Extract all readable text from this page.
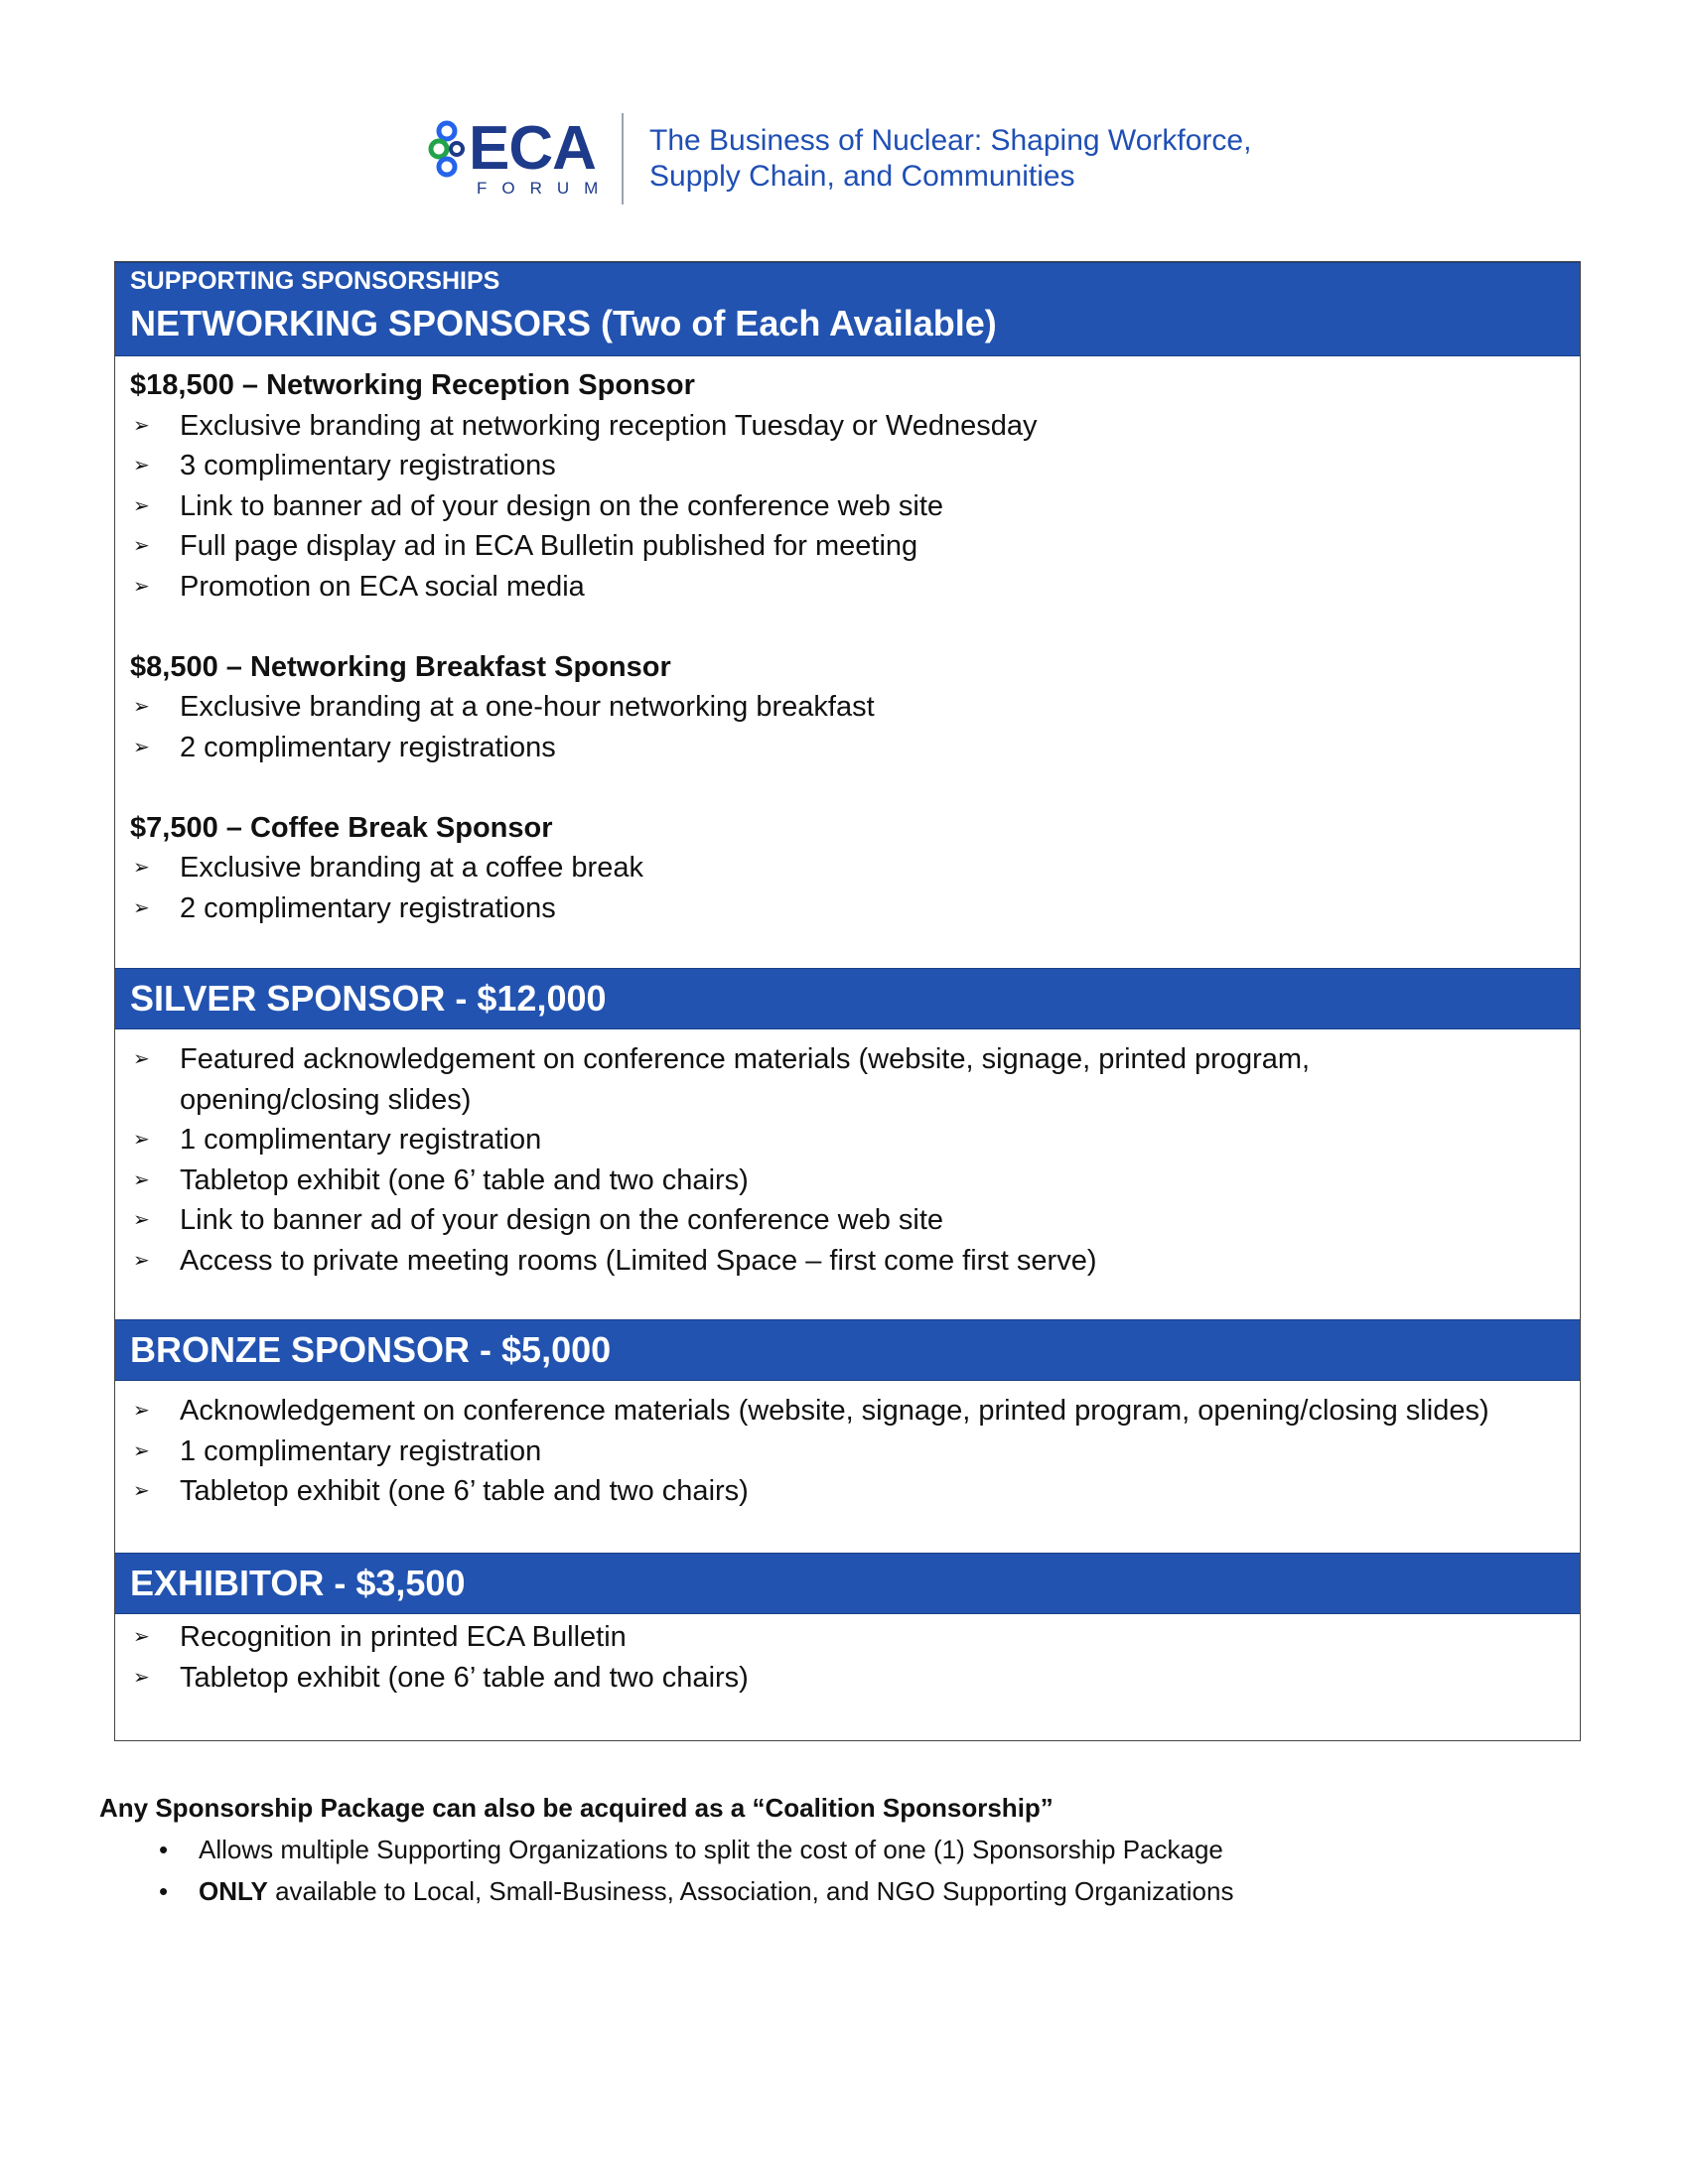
ECA
FORUM
The Business of Nuclear: Shaping Workforce,
Supply Chain, and Communities
SUPPORTING SPONSORSHIPS
NETWORKING SPONSORS (Two of Each Available)
$18,500 – Networking Reception Sponsor
➢	Exclusive branding at networking reception Tuesday or Wednesday
➢	3 complimentary registrations
➢	Link to banner ad of your design on the conference web site
➢	Full page display ad in ECA Bulletin published for meeting
➢	Promotion on ECA social media
$8,500 – Networking Breakfast Sponsor
➢	Exclusive branding at a one-hour networking breakfast
➢	2 complimentary registrations
$7,500 – Coffee Break Sponsor
➢	Exclusive branding at a coffee break
➢	2 complimentary registrations
SILVER SPONSOR - $12,000
➢	Featured acknowledgement on conference materials (website, signage, printed program,
opening/closing slides)
➢	1 complimentary registration
➢	Tabletop exhibit (one 6’ table and two chairs)
➢	Link to banner ad of your design on the conference web site
➢	Access to private meeting rooms (Limited Space – first come first serve)
BRONZE SPONSOR - $5,000
➢	Acknowledgement on conference materials (website, signage, printed program, opening/closing slides)
➢	1 complimentary registration
➢	Tabletop exhibit (one 6’ table and two chairs)
EXHIBITOR - $3,500
➢	Recognition in printed ECA Bulletin
➢	Tabletop exhibit (one 6’ table and two chairs)
Any Sponsorship Package can also be acquired as a “Coalition Sponsorship”
•	Allows multiple Supporting Organizations to split the cost of one (1) Sponsorship Package
•	ONLY available to Local, Small-Business, Association, and NGO Supporting Organizations
